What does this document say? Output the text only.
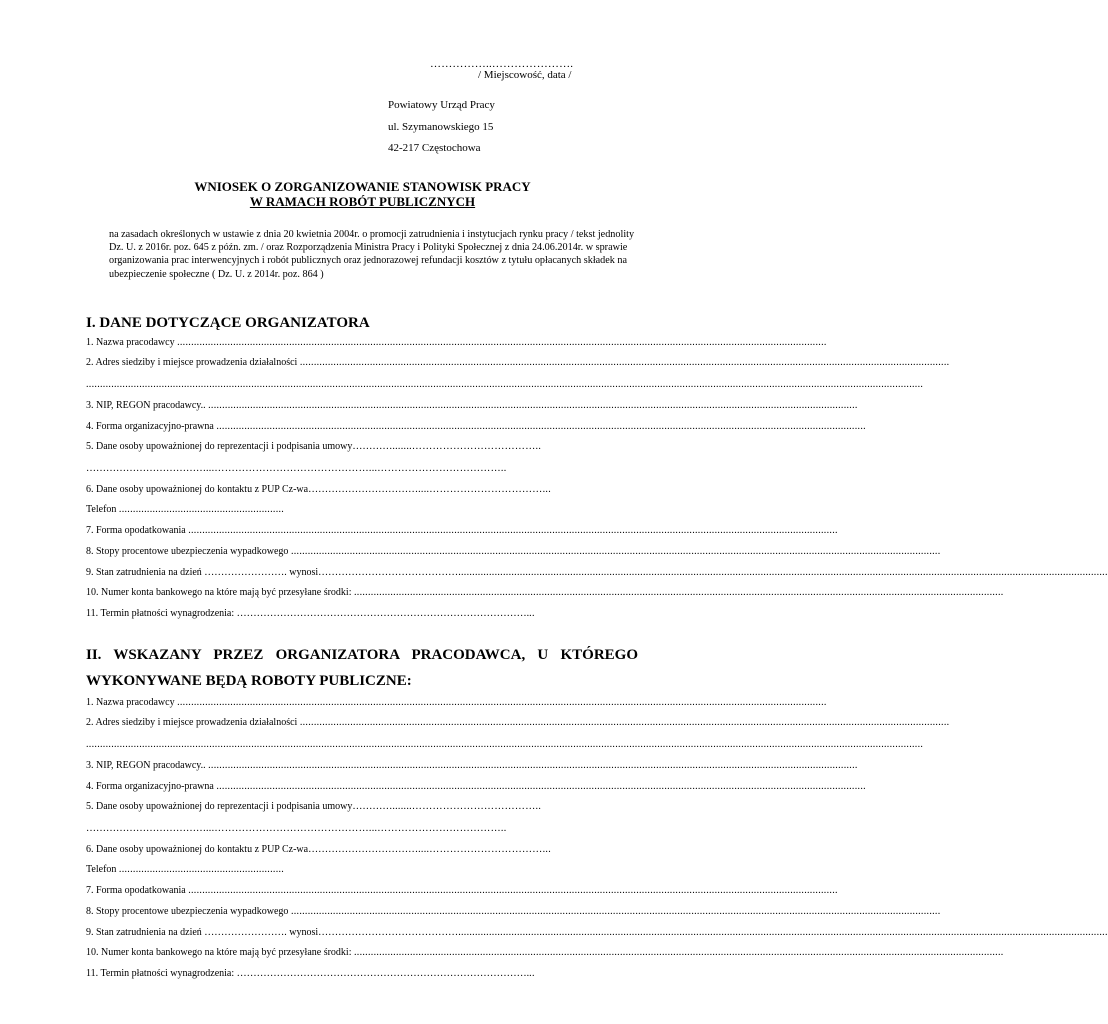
……………..………………….
/ Miejscowość, data /
Powiatowy Urząd Pracy
ul. Szymanowskiego 15
42-217 Częstochowa
WNIOSEK O ZORGANIZOWANIE STANOWISK PRACY
W RAMACH ROBÓT PUBLICZNYCH
na zasadach określonych w ustawie z dnia 20 kwietnia 2004r. o promocji zatrudnienia i instytucjach rynku pracy / tekst jednolity Dz. U. z 2016r. poz. 645 z późn. zm. / oraz Rozporządzenia Ministra Pracy i Polityki Społecznej z dnia 24.06.2014r. w sprawie organizowania prac interwencyjnych i robót publicznych oraz jednorazowej refundacji kosztów z tytułu opłacanych składek na ubezpieczenie społeczne ( Dz. U. z 2014r. poz. 864 )
I. DANE DOTYCZĄCE ORGANIZATORA
1. Nazwa pracodawcy ........................................................................................................................................................................................................................................
2. Adres siedziby i miejsce prowadzenia działalności ........................................................................................................................................................................................................................................
...........................................................................................................................................................................................................................................................................................................
3. NIP, REGON pracodawcy.. ........................................................................................................................................................................................................................................
4. Forma organizacyjno-prawna ........................................................................................................................................................................................................................................
5. Dane osoby upoważnionej do reprezentacji i podpisania umowy………….......………………………………..
………………………………...………………………………………...………………………………..
6. Dane osoby upoważnionej do kontaktu z PUP Cz-wa……………………………....……………………………...
Telefon ...........................................................
7. Forma opodatkowania ........................................................................................................................................................................................................................................
8. Stopy procentowe ubezpieczenia wypadkowego ........................................................................................................................................................................................................................................
9. Stan zatrudnienia na dzień ……………………. wynosi……………………………………........................................................................................................................................................................................................................................
10. Numer konta bankowego na które mają być przesyłane środki: ........................................................................................................................................................................................................................................
11. Termin płatności wynagrodzenia: ……………………………………………………………………………...
II. WSKAZANY PRZEZ ORGANIZATORA PRACODAWCA, U KTÓREGO WYKONYWANE BĘDĄ ROBOTY PUBLICZNE:
1. Nazwa pracodawcy ........................................................................................................................................................................................................................................
2. Adres siedziby i miejsce prowadzenia działalności ........................................................................................................................................................................................................................................
...........................................................................................................................................................................................................................................................................................................
3. NIP, REGON pracodawcy.. ........................................................................................................................................................................................................................................
4. Forma organizacyjno-prawna ........................................................................................................................................................................................................................................
5. Dane osoby upoważnionej do reprezentacji i podpisania umowy………….......………………………………..
………………………………...………………………………………...………………………………..
6. Dane osoby upoważnionej do kontaktu z PUP Cz-wa……………………………....……………………………...
Telefon ...........................................................
7. Forma opodatkowania ........................................................................................................................................................................................................................................
8. Stopy procentowe ubezpieczenia wypadkowego ........................................................................................................................................................................................................................................
9. Stan zatrudnienia na dzień ……………………. wynosi……………………………………........................................................................................................................................................................................................................................
10. Numer konta bankowego na które mają być przesyłane środki: ........................................................................................................................................................................................................................................
11. Termin płatności wynagrodzenia: ……………………………………………………………………………...
